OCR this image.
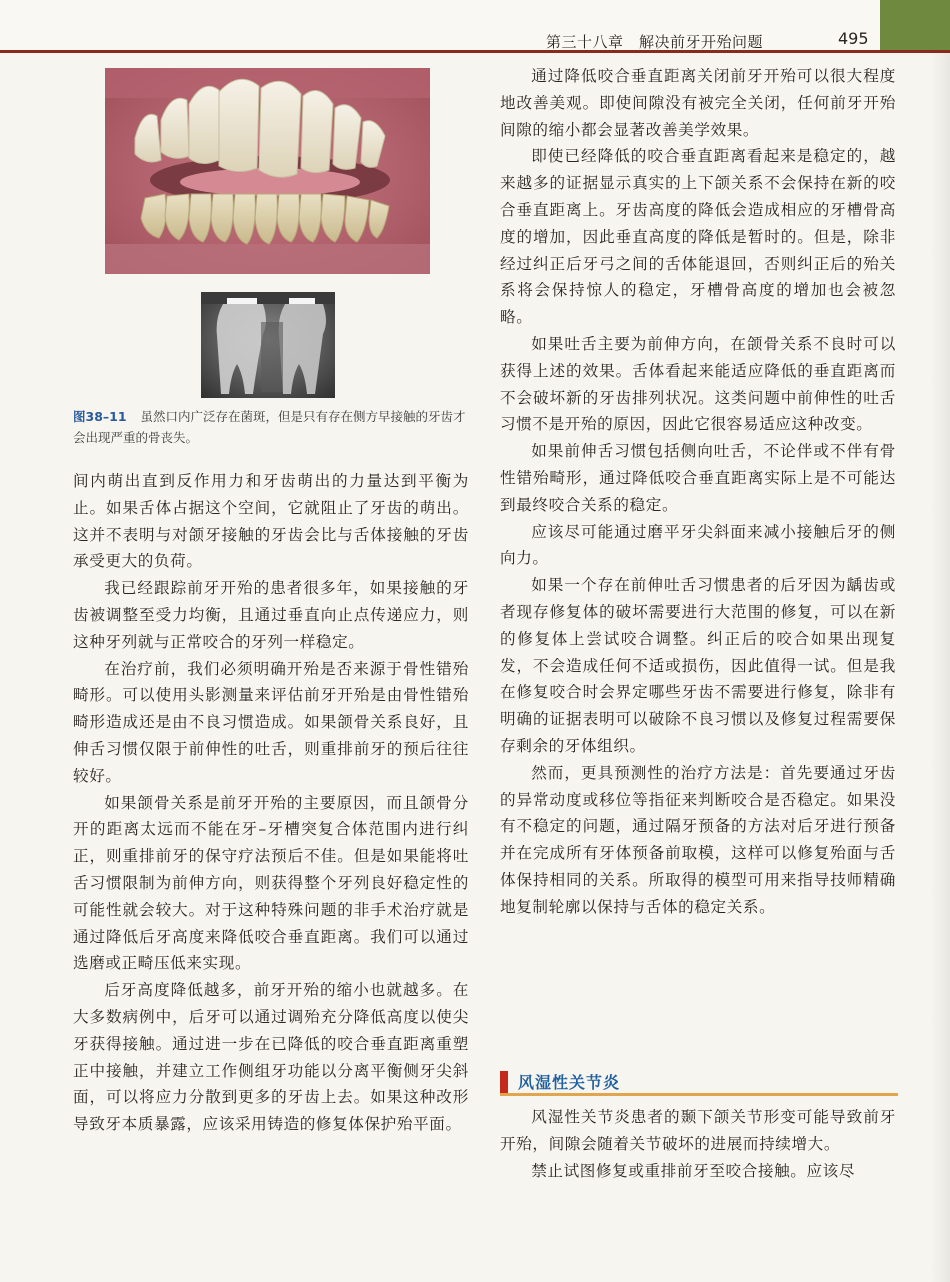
第三十八章　解决前牙开殆问题	495
图38–11 虽然口内广泛存在菌斑，但是只有存在侧方早接触的牙齿才会出现严重的骨丧失。

间内萌出直到反作用力和牙齿萌出的力量达到平衡为止。如果舌体占据这个空间，它就阻止了牙齿的萌出。这并不表明与对颌牙接触的牙齿会比与舌体接触的牙齿承受更大的负荷。

我已经跟踪前牙开殆的患者很多年，如果接触的牙齿被调整至受力均衡，且通过垂直向止点传递应力，则这种牙列就与正常咬合的牙列一样稳定。

在治疗前，我们必须明确开殆是否来源于骨性错殆畸形。可以使用头影测量来评估前牙开殆是由骨性错殆畸形造成还是由不良习惯造成。如果颌骨关系良好，且伸舌习惯仅限于前伸性的吐舌，则重排前牙的预后往往较好。

如果颌骨关系是前牙开殆的主要原因，而且颌骨分开的距离太远而不能在牙–牙槽突复合体范围内进行纠正，则重排前牙的保守疗法预后不佳。但是如果能将吐舌习惯限制为前伸方向，则获得整个牙列良好稳定性的可能性就会较大。对于这种特殊问题的非手术治疗就是通过降低后牙高度来降低咬合垂直距离。我们可以通过选磨或正畸压低来实现。

后牙高度降低越多，前牙开殆的缩小也就越多。在大多数病例中，后牙可以通过调殆充分降低高度以使尖牙获得接触。通过进一步在已降低的咬合垂直距离重塑正中接触，并建立工作侧组牙功能以分离平衡侧牙尖斜面，可以将应力分散到更多的牙齿上去。如果这种改形导致牙本质暴露，应该采用铸造的修复体保护殆平面。

通过降低咬合垂直距离关闭前牙开殆可以很大程度地改善美观。即使间隙没有被完全关闭，任何前牙开殆间隙的缩小都会显著改善美学效果。

即使已经降低的咬合垂直距离看起来是稳定的，越来越多的证据显示真实的上下颌关系不会保持在新的咬合垂直距离上。牙齿高度的降低会造成相应的牙槽骨高度的增加，因此垂直高度的降低是暂时的。但是，除非经过纠正后牙弓之间的舌体能退回，否则纠正后的殆关系将会保持惊人的稳定，牙槽骨高度的增加也会被忽略。

如果吐舌主要为前伸方向，在颌骨关系不良时可以获得上述的效果。舌体看起来能适应降低的垂直距离而不会破坏新的牙齿排列状况。这类问题中前伸性的吐舌习惯不是开殆的原因，因此它很容易适应这种改变。

如果前伸舌习惯包括侧向吐舌，不论伴或不伴有骨性错殆畸形，通过降低咬合垂直距离实际上是不可能达到最终咬合关系的稳定。

应该尽可能通过磨平牙尖斜面来减小接触后牙的侧向力。

如果一个存在前伸吐舌习惯患者的后牙因为龋齿或者现存修复体的破坏需要进行大范围的修复，可以在新的修复体上尝试咬合调整。纠正后的咬合如果出现复发，不会造成任何不适或损伤，因此值得一试。但是我在修复咬合时会界定哪些牙齿不需要进行修复，除非有明确的证据表明可以破除不良习惯以及修复过程需要保存剩余的牙体组织。

然而，更具预测性的治疗方法是：首先要通过牙齿的异常动度或移位等指征来判断咬合是否稳定。如果没有不稳定的问题，通过隔牙预备的方法对后牙进行预备并在完成所有牙体预备前取模，这样可以修复殆面与舌体保持相同的关系。所取得的模型可用来指导技师精确地复制轮廓以保持与舌体的稳定关系。

风湿性关节炎

风湿性关节炎患者的颞下颌关节形变可能导致前牙开殆，间隙会随着关节破坏的进展而持续增大。

禁止试图修复或重排前牙至咬合接触。应该尽
